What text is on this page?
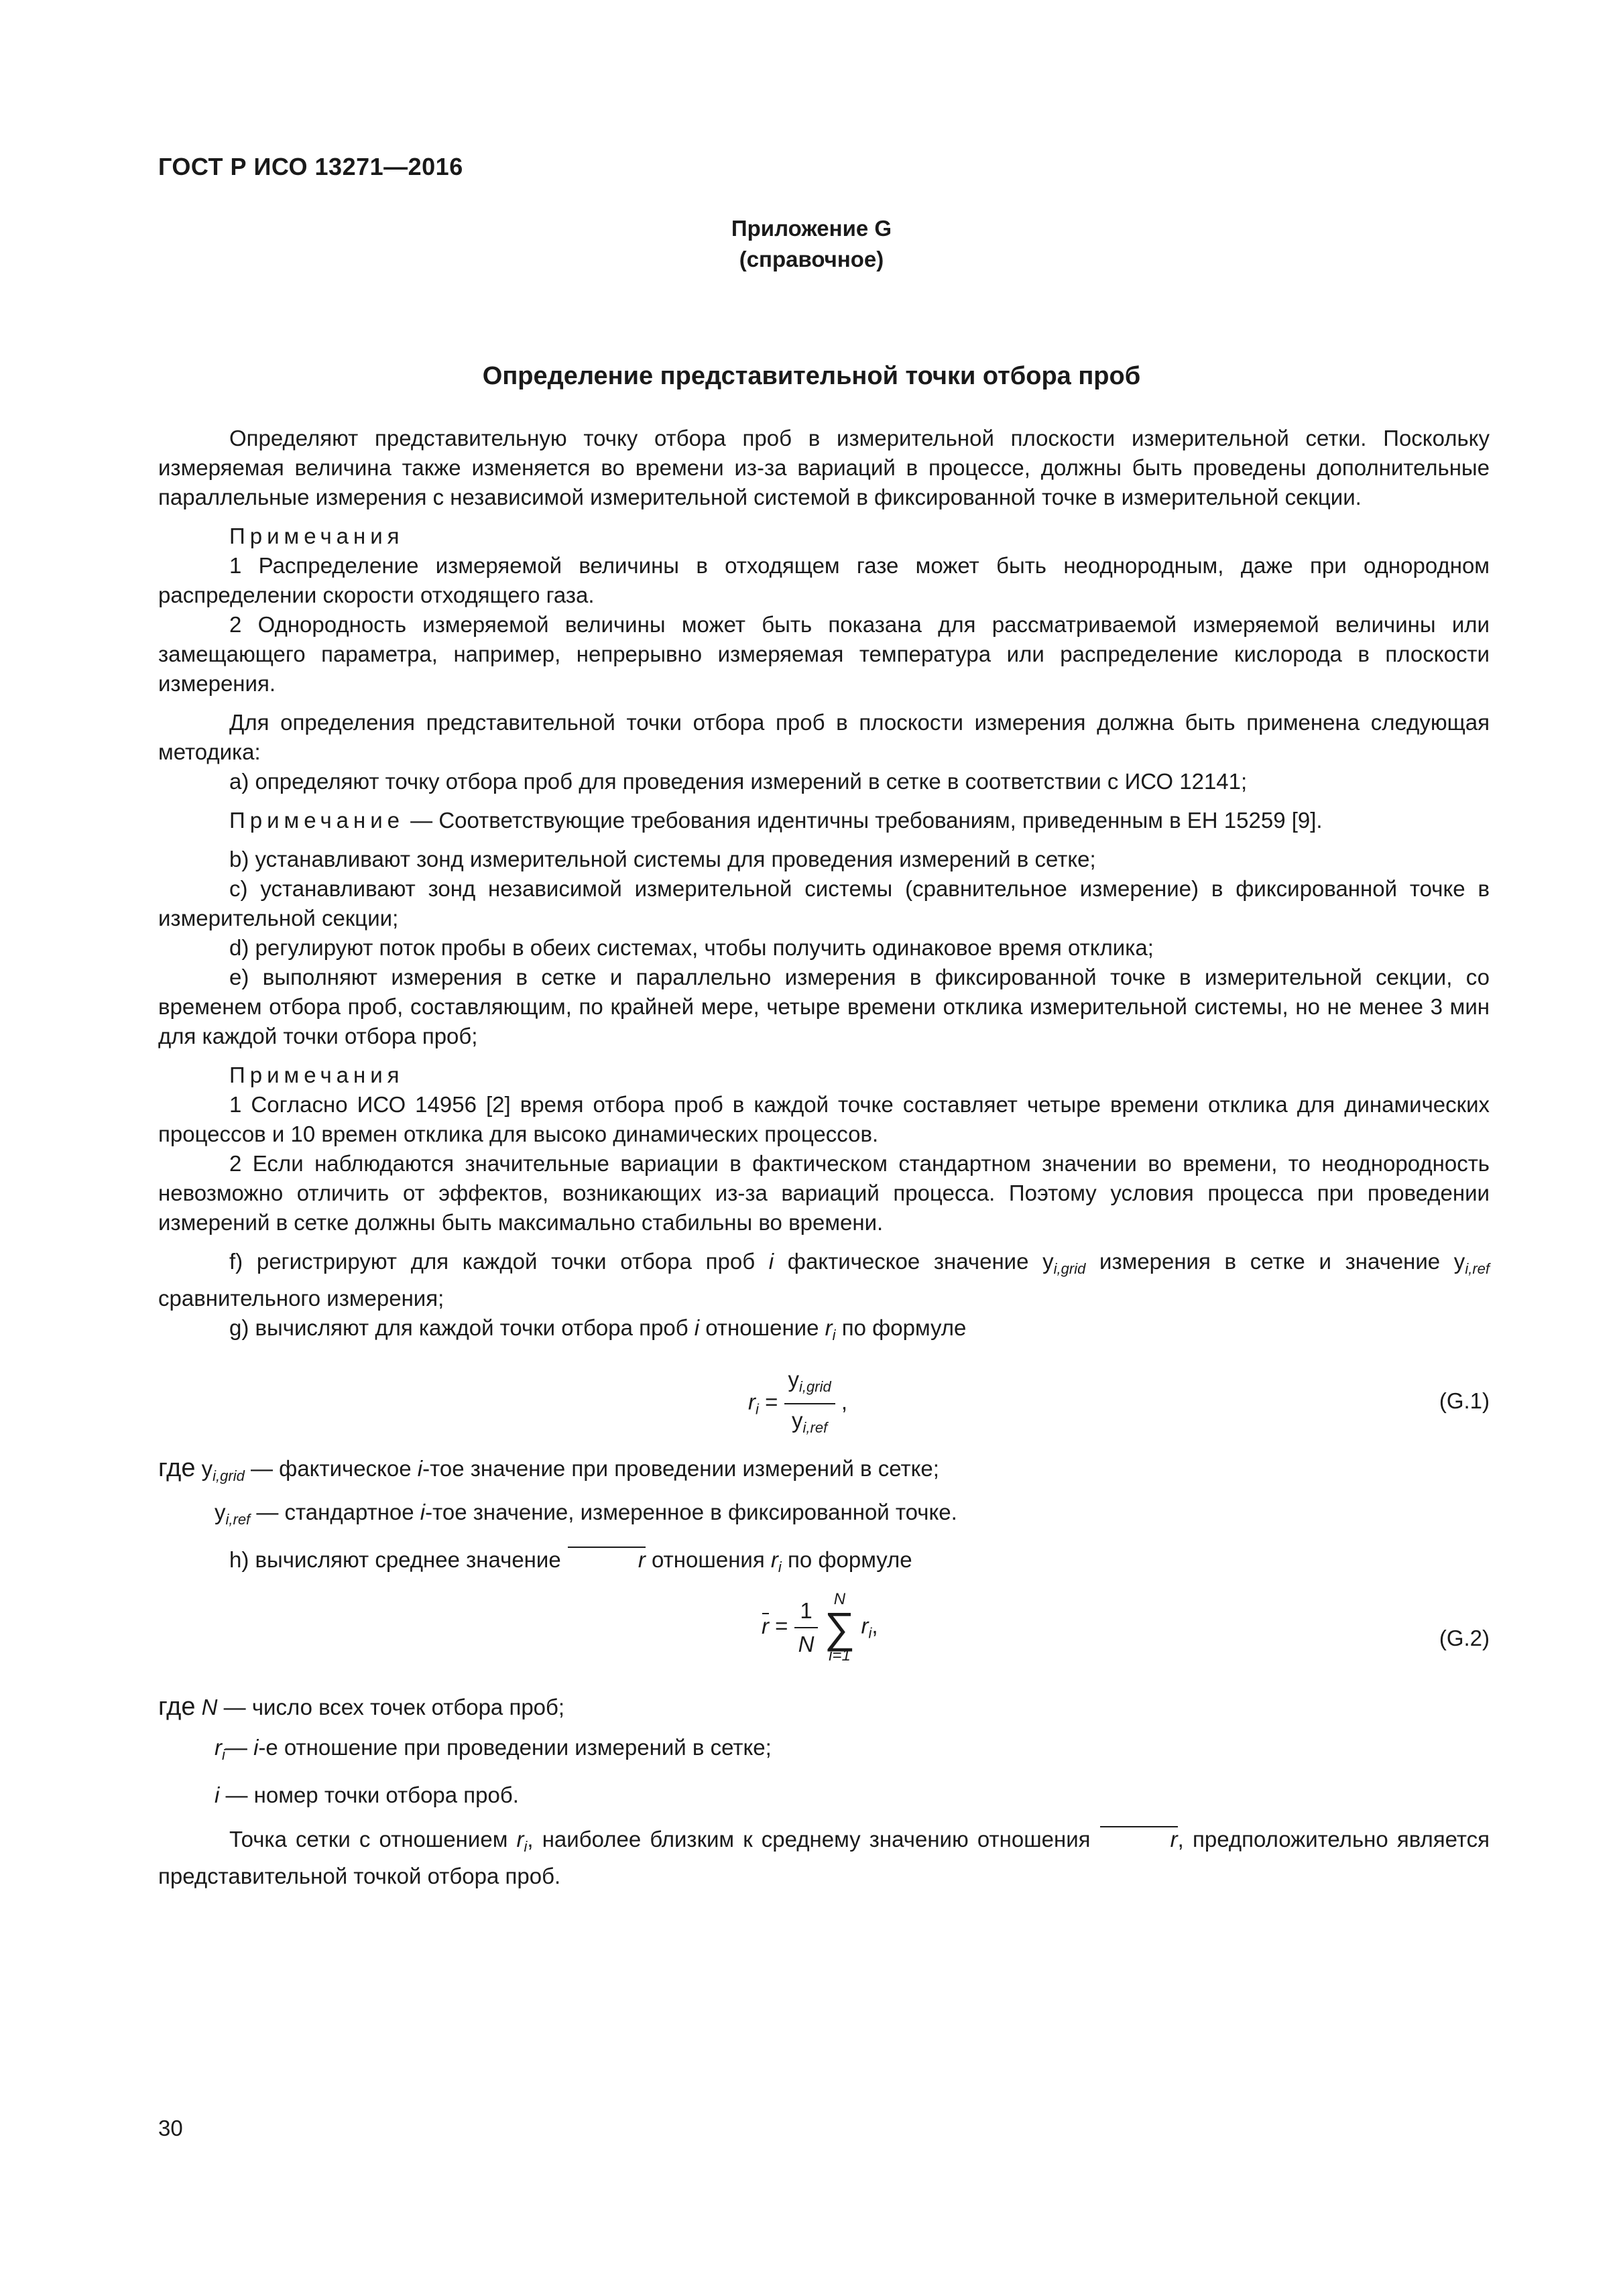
ГОСТ Р ИСО 13271—2016
Приложение G
(справочное)
Определение представительной точки отбора проб

Определяют представительную точку отбора проб в измерительной плоскости измерительной сетки. Поскольку измеряемая величина также изменяется во времени из-за вариаций в процессе, должны быть проведены дополнительные параллельные измерения с независимой измерительной системой в фиксированной точке в измерительной секции.

Примечания

1 Распределение измеряемой величины в отходящем газе может быть неоднородным, даже при однородном распределении скорости отходящего газа.

2 Однородность измеряемой величины может быть показана для рассматриваемой измеряемой величины или замещающего параметра, например, непрерывно измеряемая температура или распределение кислорода в плоскости измерения.

Для определения представительной точки отбора проб в плоскости измерения должна быть применена следующая методика:

a) определяют точку отбора проб для проведения измерений в сетке в соответствии с ИСО 12141;

Примечание — Соответствующие требования идентичны требованиям, приведенным в ЕН 15259 [9].

b) устанавливают зонд измерительной системы для проведения измерений в сетке;

c) устанавливают зонд независимой измерительной системы (сравнительное измерение) в фиксированной точке в измерительной секции;

d) регулируют поток пробы в обеих системах, чтобы получить одинаковое время отклика;

e) выполняют измерения в сетке и параллельно измерения в фиксированной точке в измерительной секции, со временем отбора проб, составляющим, по крайней мере, четыре времени отклика измерительной системы, но не менее 3 мин для каждой точки отбора проб;

Примечания

1 Согласно ИСО 14956 [2] время отбора проб в каждой точке составляет четыре времени отклика для динамических процессов и 10 времен отклика для высоко динамических процессов.

2 Если наблюдаются значительные вариации в фактическом стандартном значении во времени, то неоднородность невозможно отличить от эффектов, возникающих из-за вариаций процесса. Поэтому условия процесса при проведении измерений в сетке должны быть максимально стабильны во времени.

f) регистрируют для каждой точки отбора проб i фактическое значение $y_{i,grid}$ измерения в сетке и значение $y_{i,ref}$ сравнительного измерения;

g) вычисляют для каждой точки отбора проб i отношение $r_i$ по формуле

$r_i = \frac{y_{i,grid}}{y_{i,ref}}$ ,	(G.1)

где $y_{i,grid}$ — фактическое i-тое значение при проведении измерений в сетке;

$y_{i,ref}$ — стандартное i-тое значение, измеренное в фиксированной точке.

h) вычисляют среднее значение	r отношения $r_i$ по формуле

$r = \frac{1}{N}$
N
∑
i=1
$r_i$,	(G.2)

где N — число всех точек отбора проб;

$r_i—$ i-е отношение при проведении измерений в сетке;

i — номер точки отбора проб.

Точка сетки с отношением $r_i$, наиболее близким к среднему значению отношения	r, предположительно является представительной точкой отбора проб.

30
